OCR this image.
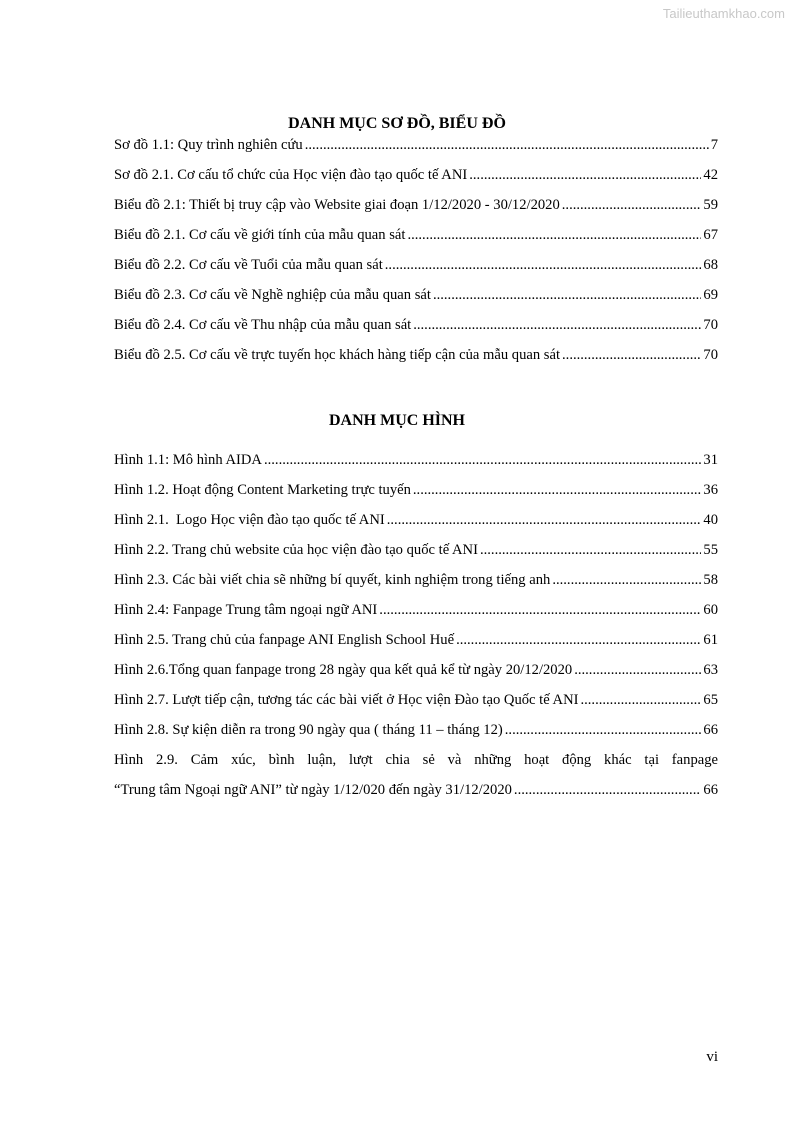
Tailieuthamkhao.com
DANH MỤC SƠ ĐỒ, BIỂU ĐỒ
Sơ đồ 1.1: Quy trình nghiên cứu .....	7
Sơ đồ 2.1. Cơ cấu tổ chức của Học viện đào tạo quốc tế ANI .....	42
Biểu đồ 2.1: Thiết bị truy cập vào Website giai đoạn 1/12/2020 - 30/12/2020 .....	59
Biểu đồ 2.1. Cơ cấu về giới tính của mẫu quan sát .....	67
Biểu đồ 2.2. Cơ cấu về Tuổi của mẫu quan sát .....	68
Biểu đồ 2.3. Cơ cấu về Nghề nghiệp của mẫu quan sát .....	69
Biểu đồ 2.4. Cơ cấu về Thu nhập của mẫu quan sát .....	70
Biểu đồ 2.5. Cơ cấu về trực tuyến học khách hàng tiếp cận của mẫu quan sát .....	70
DANH MỤC HÌNH
Hình 1.1: Mô hình AIDA .....	31
Hình 1.2. Hoạt động Content Marketing trực tuyến .....	36
Hình 2.1.  Logo Học viện đào tạo quốc tế ANI .....	40
Hình 2.2. Trang chủ website của học viện đào tạo quốc tế ANI .....	55
Hình 2.3. Các bài viết chia sẽ những bí quyết, kinh nghiệm trong tiếng anh .....	58
Hình 2.4: Fanpage Trung tâm ngoại ngữ ANI .....	60
Hình 2.5. Trang chủ của fanpage ANI English School Huế .....	61
Hình 2.6.Tổng quan fanpage trong 28 ngày qua kết quả kể từ ngày 20/12/2020 .....	63
Hình 2.7. Lượt tiếp cận, tương tác các bài viết ở Học viện Đào tạo Quốc tế ANI .....	65
Hình 2.8. Sự kiện diễn ra trong 90 ngày qua ( tháng 11 – tháng 12) .....	66
Hình 2.9. Cảm xúc, bình luận, lượt chia sẻ và những hoạt động khác tại fanpage
“Trung tâm Ngoại ngữ ANI” từ ngày 1/12/020 đến ngày 31/12/2020 .....	66
vi
